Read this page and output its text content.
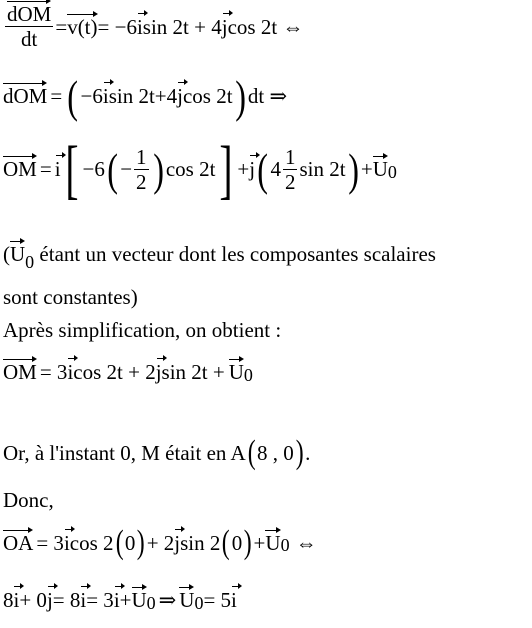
$\frac{\text{dOM}}{dt} = v(t) = -6$ i sin 2t + 4 j cos 2t ⇔
dOM = ( −6 i sin 2t+4 j cos 2t ) dt ⇒
OM = i [ −6 ( − $\frac{1}{2}$ ) cos 2t ] + j ( $4 \frac{1}{2}$ sin 2t ) + $U_0$
($U_0$ étant un vecteur dont les composantes scalaires
sont constantes)
Après simplification, on obtient :
OM = 3 i cos 2t + 2 j $\sin 2t + U_0$
Or, à l'instant 0, M était en A ( 8 , 0 ) .
Donc,
OA = 3 i cos 2 ( 0 ) + 2 j sin 2 ( 0 ) + $U_0$ ⇔
8 i + 0 j = 8 i = 3 $i + U_0$ ⇒ $U_0 = 5$ i
